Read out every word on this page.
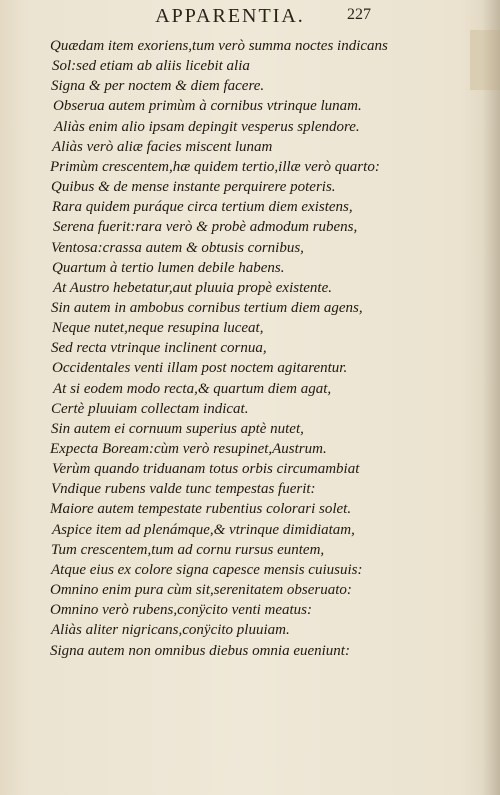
APPARENTIA.	227
Quædam item exoriens,tum verò summa noctes indicans
Sol:sed etiam ab aliis licebit alia
Signa & per noctem & diem facere.
Obserua autem primùm à cornibus vtrinque lunam.
Aliàs enim alio ipsam depingit vesperus splendore.
Aliàs verò aliæ facies miscent lunam
Primùm crescentem,hæ quidem tertio,illæ verò quarto:
Quibus & de mense instante perquirere poteris.
Rara quidem puráque circa tertium diem existens,
Serena fuerit:rara verò & probè admodum rubens,
Ventosa:crassa autem & obtusis cornibus,
Quartum à tertio lumen debile habens.
At Austro hebetatur,aut pluuia propè existente.
Sin autem in ambobus cornibus tertium diem agens,
Neque nutet,neque resupina luceat,
Sed recta vtrinque inclinent cornua,
Occidentales venti illam post noctem agitarentur.
At si eodem modo recta,& quartum diem agat,
Certè pluuiam collectam indicat.
Sin autem ei cornuum superius aptè nutet,
Expecta Boream:cùm verò resupinet,Austrum.
Verùm quando triduanam totus orbis circumambiat
Vndique rubens valde tunc tempestas fuerit:
Maiore autem tempestate rubentius colorari solet.
Aspice item ad plenámque,& vtrinque dimidiatam,
Tum crescentem,tum ad cornu rursus euntem,
Atque eius ex colore signa capesce mensis cuiusuis:
Omnino enim pura cùm sit,serenitatem obseruato:
Omnino verò rubens,conÿcito venti meatus:
Aliàs aliter nigricans,conÿcito pluuiam.
Signa autem non omnibus diebus omnia eueniunt:
